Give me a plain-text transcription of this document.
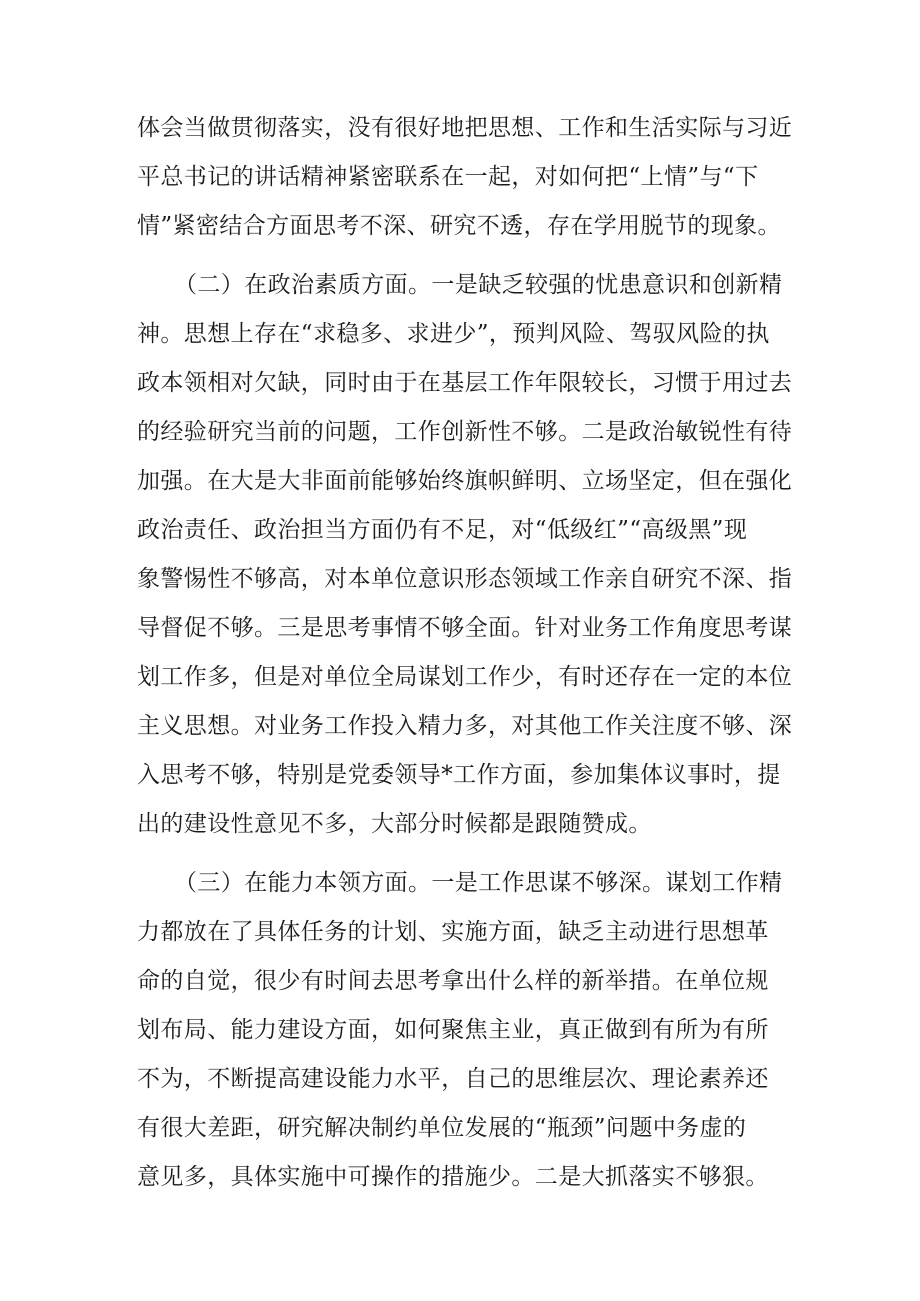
体会当做贯彻落实，没有很好地把思想、工作和生活实际与习近
平总书记的讲话精神紧密联系在一起，对如何把“上情”与“下
情”紧密结合方面思考不深、研究不透，存在学用脱节的现象。
（二）在政治素质方面。一是缺乏较强的忧患意识和创新精
神。思想上存在“求稳多、求进少”，预判风险、驾驭风险的执
政本领相对欠缺，同时由于在基层工作年限较长，习惯于用过去
的经验研究当前的问题，工作创新性不够。二是政治敏锐性有待
加强。在大是大非面前能够始终旗帜鲜明、立场坚定，但在强化
政治责任、政治担当方面仍有不足，对“低级红”“高级黑”现
象警惕性不够高，对本单位意识形态领域工作亲自研究不深、指
导督促不够。三是思考事情不够全面。针对业务工作角度思考谋
划工作多，但是对单位全局谋划工作少，有时还存在一定的本位
主义思想。对业务工作投入精力多，对其他工作关注度不够、深
入思考不够，特别是党委领导*工作方面，参加集体议事时，提
出的建设性意见不多，大部分时候都是跟随赞成。
（三）在能力本领方面。一是工作思谋不够深。谋划工作精
力都放在了具体任务的计划、实施方面，缺乏主动进行思想革
命的自觉，很少有时间去思考拿出什么样的新举措。在单位规
划布局、能力建设方面，如何聚焦主业，真正做到有所为有所
不为，不断提高建设能力水平，自己的思维层次、理论素养还
有很大差距，研究解决制约单位发展的“瓶颈”问题中务虚的
意见多，具体实施中可操作的措施少。二是大抓落实不够狠。
